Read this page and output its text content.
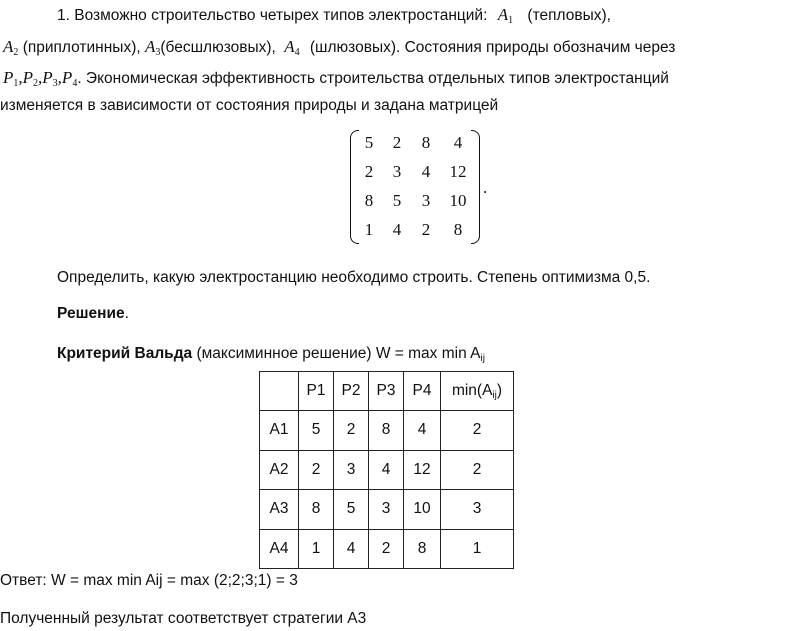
1. Возможно строительство четырех типов электростанций: $A_1$ (тепловых),
$A_2$ (приплотинных), $A_3(бесшлюзовых)$, $A_4$ (шлюзовых). Состояния природы обозначим через
$P_1,P_2,P_3,P_4$. Экономическая эффективность строительства отдельных типов электростанций
изменяется в зависимости от состояния природы и задана матрицей
5	2	8	4
2	3	4	12
8	5	3	10
1	4	2	8
.
Определить, какую электростанцию необходимо строить. Степень оптимизма 0,5.
Решение.
Критерий Вальда (максиминное решение) $W = \max \min A_{ij}$
	P1	P2	P3	P4	$\min(A_{ij})$
A1	5	2	8	4	2
A2	2	3	4	12	2
A3	8	5	3	10	3
A4	1	4	2	8	1
Ответ: W = max min Aij = max (2;2;3;1) = 3
Полученный результат соответствует стратегии А3
